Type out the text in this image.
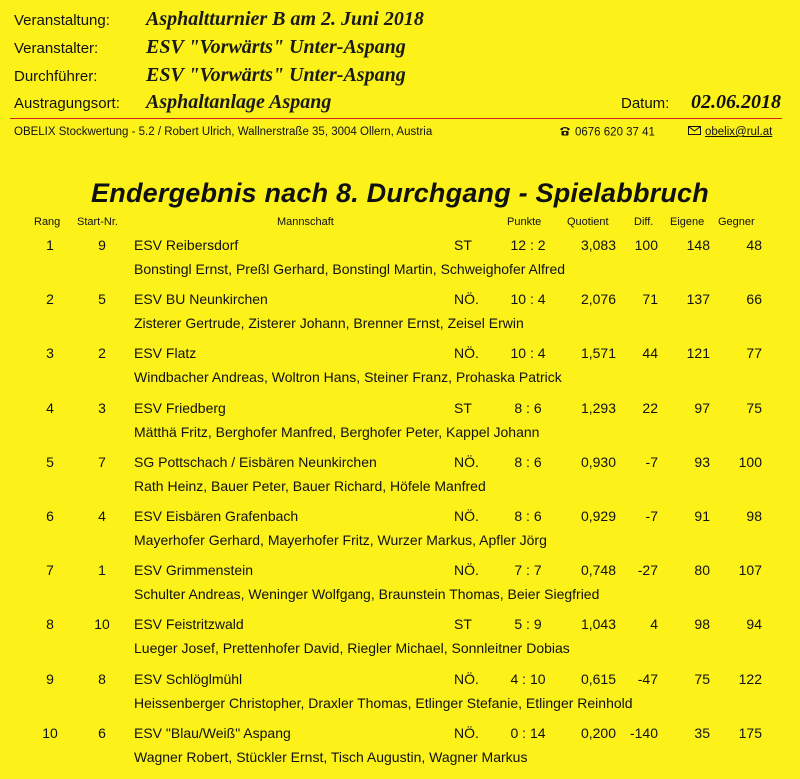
Veranstaltung: Asphaltturnier B am 2. Juni 2018
Veranstalter: ESV "Vorwärts" Unter-Aspang
Durchführer: ESV "Vorwärts" Unter-Aspang
Austragungsort: Asphaltanlage Aspang	Datum: 02.06.2018
OBELIX Stockwertung - 5.2 / Robert Ulrich, Wallnerstraße 35, 3004 Ollern, Austria	0676 620 37 41	obelix@rul.at
Endergebnis nach 8. Durchgang - Spielabbruch
Rang Start-Nr.	Mannschaft	Punkte Quotient Diff. Eigene Gegner
1	9	ESV Reibersdorf	ST	12 : 2	3,083	100	148	48
Bonstingl Ernst, Preßl Gerhard, Bonstingl Martin, Schweighofer Alfred
2	5	ESV BU Neunkirchen	NÖ.	10 : 4	2,076	71	137	66
Zisterer Gertrude, Zisterer Johann, Brenner Ernst, Zeisel Erwin
3	2	ESV Flatz	NÖ.	10 : 4	1,571	44	121	77
Windbacher Andreas, Woltron Hans, Steiner Franz, Prohaska Patrick
4	3	ESV Friedberg	ST	8 : 6	1,293	22	97	75
Mätthä Fritz, Berghofer Manfred, Berghofer Peter, Kappel Johann
5	7	SG Pottschach / Eisbären Neunkirchen	NÖ.	8 : 6	0,930	-7	93	100
Rath Heinz, Bauer Peter, Bauer Richard, Höfele Manfred
6	4	ESV Eisbären Grafenbach	NÖ.	8 : 6	0,929	-7	91	98
Mayerhofer Gerhard, Mayerhofer Fritz, Wurzer Markus, Apfler Jörg
7	1	ESV Grimmenstein	NÖ.	7 : 7	0,748	-27	80	107
Schulter Andreas, Weninger Wolfgang, Braunstein Thomas, Beier Siegfried
8	10	ESV Feistritzwald	ST	5 : 9	1,043	4	98	94
Lueger Josef, Prettenhofer David, Riegler Michael, Sonnleitner Dobias
9	8	ESV Schlöglmühl	NÖ.	4 : 10	0,615	-47	75	122
Heissenberger Christopher, Draxler Thomas, Etlinger Stefanie, Etlinger Reinhold
10	6	ESV "Blau/Weiß" Aspang	NÖ.	0 : 14	0,200 -140	35	175
Wagner Robert, Stückler Ernst, Tisch Augustin, Wagner Markus
